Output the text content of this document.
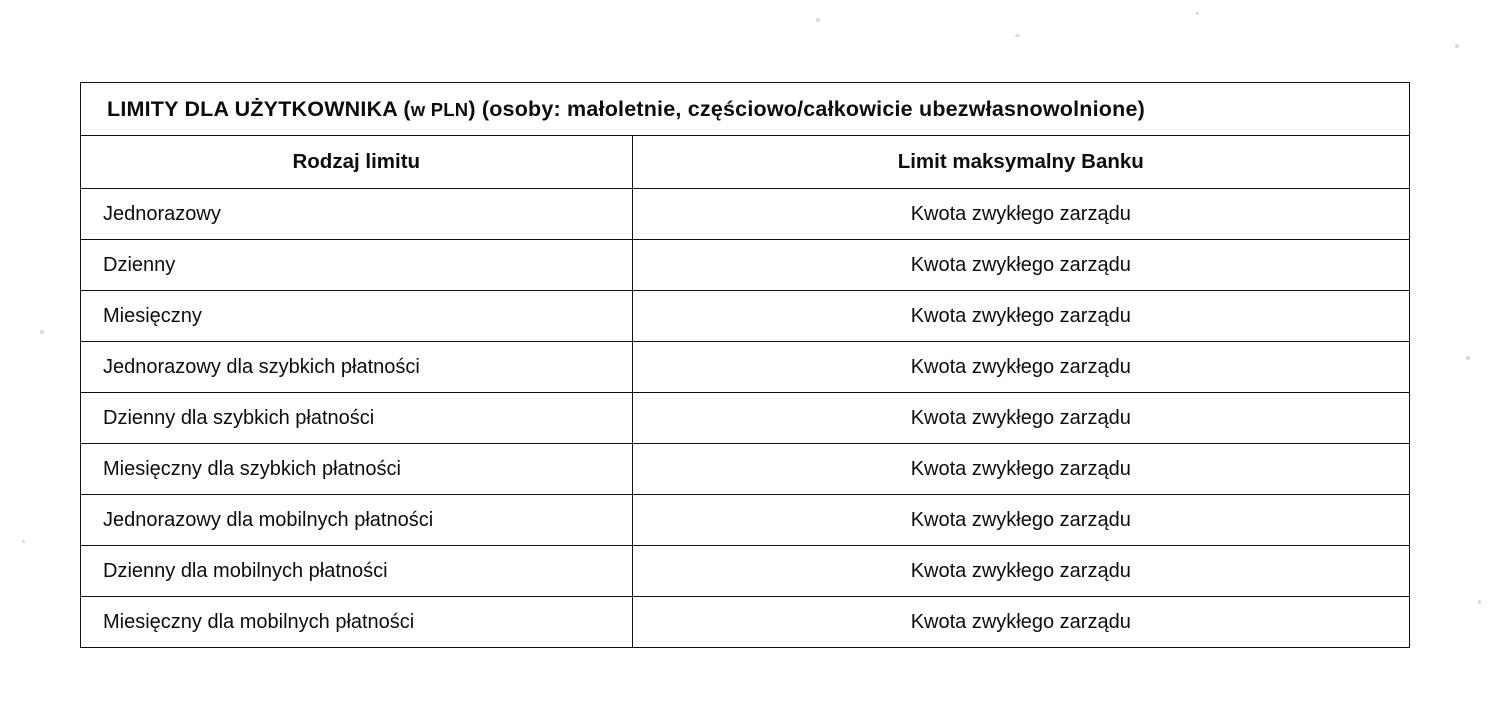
LIMITY DLA UŻYTKOWNIKA (w PLN) (osoby: małoletnie, częściowo/całkowicie ubezwłasnowolnione)	
Rodzaj limitu	Limit maksymalny Banku
Jednorazowy	Kwota zwykłego zarządu
Dzienny	Kwota zwykłego zarządu
Miesięczny	Kwota zwykłego zarządu
Jednorazowy dla szybkich płatności	Kwota zwykłego zarządu
Dzienny dla szybkich płatności	Kwota zwykłego zarządu
Miesięczny dla szybkich płatności	Kwota zwykłego zarządu
Jednorazowy dla mobilnych płatności	Kwota zwykłego zarządu
Dzienny dla mobilnych płatności	Kwota zwykłego zarządu
Miesięczny dla mobilnych płatności	Kwota zwykłego zarządu
